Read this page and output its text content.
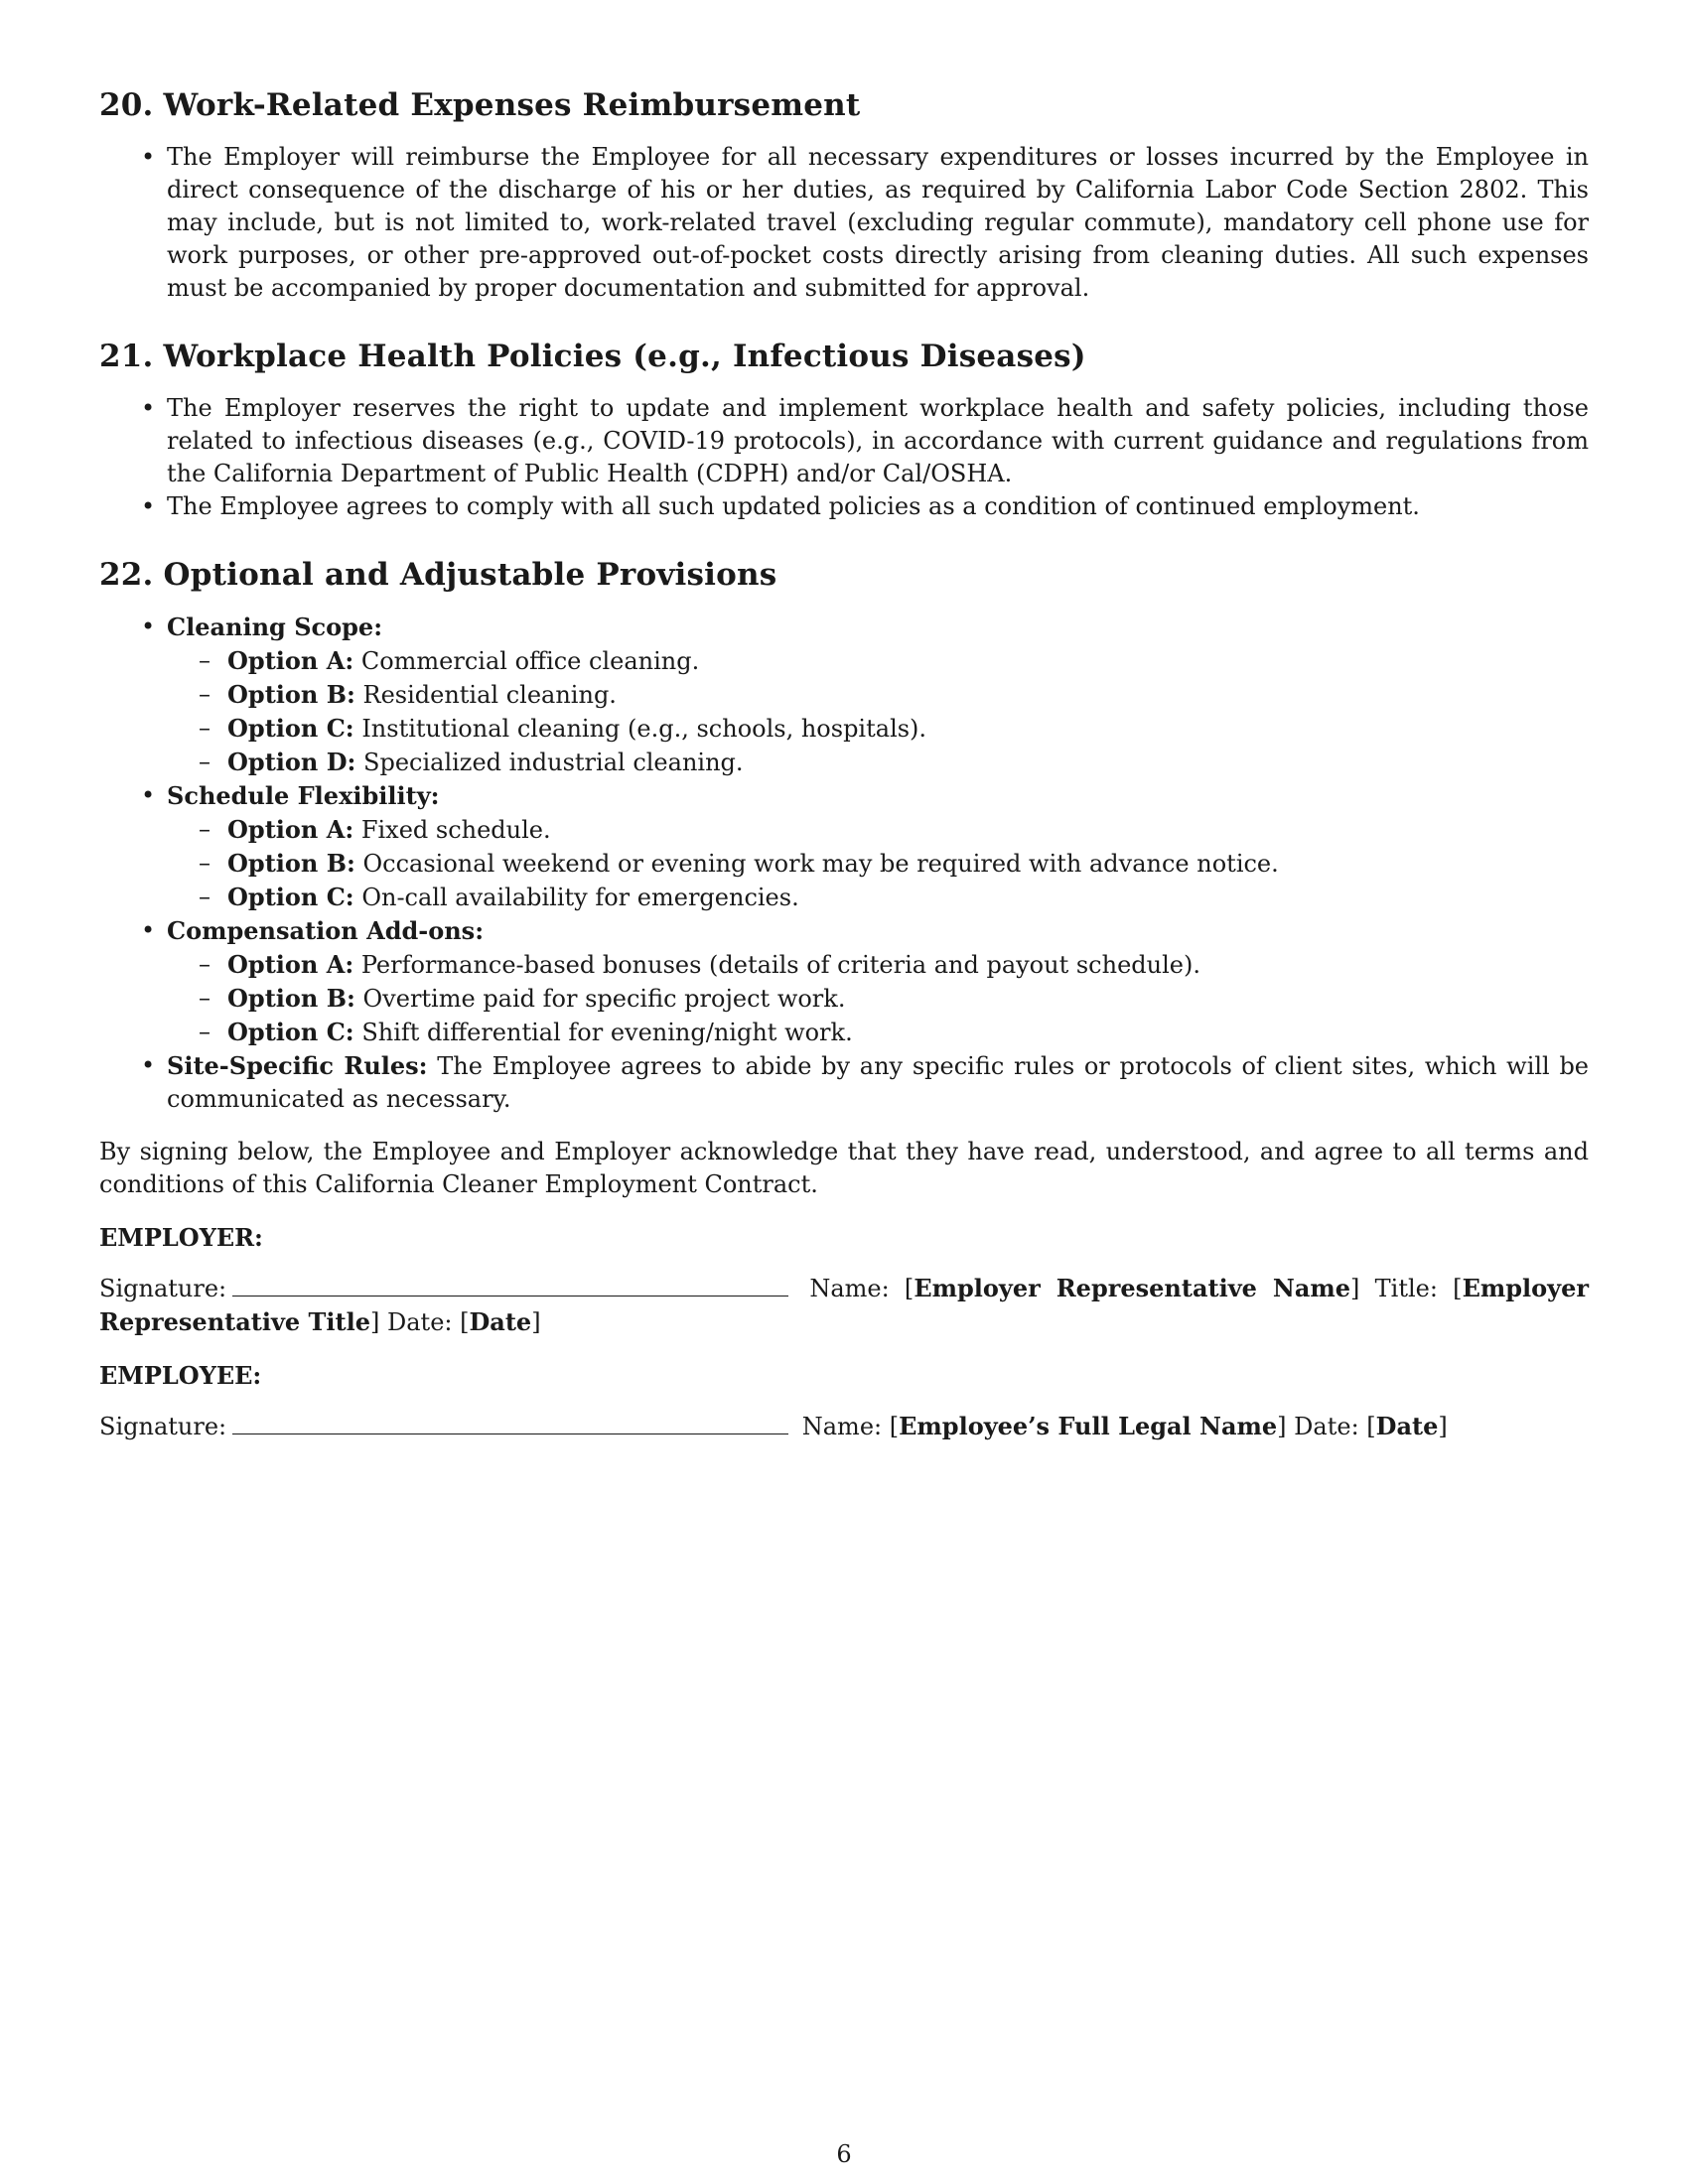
20. Work-Related Expenses Reimbursement
• The Employer will reimburse the Employee for all necessary expenditures or losses incurred by the Employee in direct consequence of the discharge of his or her duties, as required by California Labor Code Section 2802. This may include, but is not limited to, work-related travel (excluding regular commute), mandatory cell phone use for work purposes, or other pre-approved out-of-pocket costs directly arising from cleaning duties. All such expenses must be accompanied by proper documentation and submitted for approval.
21. Workplace Health Policies (e.g., Infectious Diseases)
• The Employer reserves the right to update and implement workplace health and safety policies, including those related to infectious diseases (e.g., COVID-19 protocols), in accordance with current guidance and regulations from the California Department of Public Health (CDPH) and/or Cal/OSHA.
• The Employee agrees to comply with all such updated policies as a condition of continued employment.
22. Optional and Adjustable Provisions
• Cleaning Scope:
– Option A: Commercial office cleaning.
– Option B: Residential cleaning.
– Option C: Institutional cleaning (e.g., schools, hospitals).
– Option D: Specialized industrial cleaning.
• Schedule Flexibility:
– Option A: Fixed schedule.
– Option B: Occasional weekend or evening work may be required with advance notice.
– Option C: On-call availability for emergencies.
• Compensation Add-ons:
– Option A: Performance-based bonuses (details of criteria and payout schedule).
– Option B: Overtime paid for specific project work.
– Option C: Shift differential for evening/night work.
• Site-Specific Rules: The Employee agrees to abide by any specific rules or protocols of client sites, which will be communicated as necessary.

By signing below, the Employee and Employer acknowledge that they have read, understood, and agree to all terms and conditions of this California Cleaner Employment Contract.

EMPLOYER:
Signature:	Name: [Employer Representative Name] Title: [Employer Representative Title] Date: [Date]
EMPLOYEE:
Signature:	Name: [Employee’s Full Legal Name] Date: [Date]
6
